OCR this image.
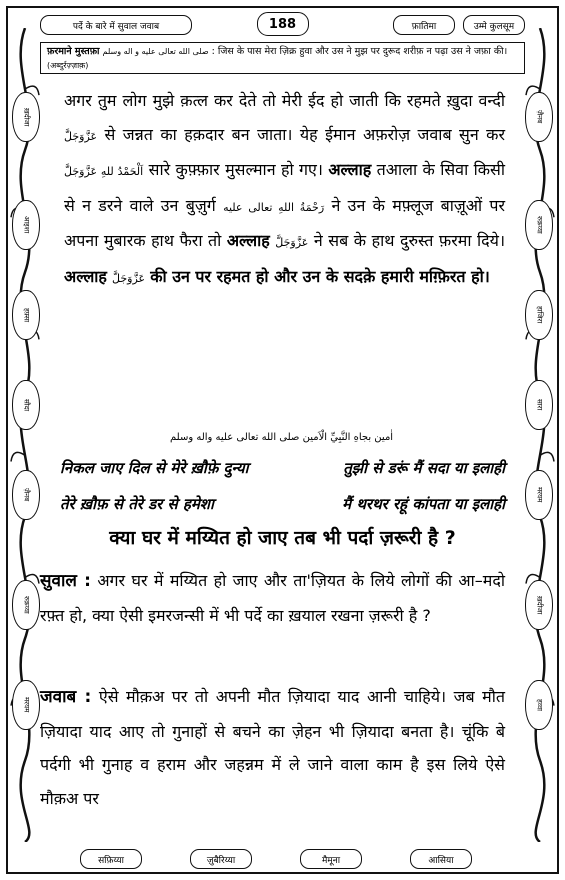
ख़दीजा
आइशा
हफ़्सा
सौदा
ज़ैनब
रुक़य्या
मरयम
ज़ैनब
रुक़य्या
हाजिरा
सारा
मरयम
ख़दीजा
हव्वा
पर्दे के बारे में सुवाल जवाब	188	फ़ातिमा	उम्मे कुलसूम
फ़रमाने मुस्तफ़ा صلى الله تعالى عليه و اله وسلم : जिस के पास मेरा ज़िक्र हुवा और उस ने मुझ पर दुरूद शरीफ़ न पढ़ा उस ने जफ़ा की। (अब्दुर्रज़्ज़ाक़)
अगर तुम लोग मुझे क़त्ल कर देते तो मेरी ईद हो जाती कि रहमते ख़ुदा वन्दी عَزَّوَجَلَّ से जन्नत का हक़दार बन जाता। येह ईमान अफ़रोज़ जवाब सुन कर اَلْحَمْدُ للهِ عَزَّوَجَلَّ सारे कुफ़्फ़ार मुसल्मान हो गए। अल्लाह तआला के सिवा किसी से न डरने वाले उन बुज़ुर्ग رَحْمَةُ اللهِ تعالى عليه ने उन के मफ़्लूज बाज़ूओं पर अपना मुबारक हाथ फैरा तो अल्लाह عَزَّوَجَلَّ ने सब के हाथ दुरुस्त फ़रमा दिये। अल्लाह عَزَّوَجَلَّ की उन पर रहमत हो और उन के सदक़े हमारी मग़्फ़िरत हो।
اٰمين بجاهِ النَّبِيِّ الْاَمين صلى الله تعالى عليه واله وسلم
निकल जाए दिल से मेरे ख़ौफ़े दुन्या	तुझी से डरूं मैं सदा या इलाही
तेरे ख़ौफ़ से तेरे डर से हमेशा	मैं थरथर रहूं कांपता या इलाही
क्या घर में मय्यित हो जाए तब भी पर्दा ज़रूरी है ?
सुवाल : अगर घर में मय्यित हो जाए और ता'ज़ियत के लिये लोगों की आ–मदो रफ़्त हो, क्या ऐसी इमरजन्सी में भी पर्दे का ख़याल रखना ज़रूरी है ?
जवाब : ऐसे मौक़अ पर तो अपनी मौत ज़ियादा याद आनी चाहिये। जब मौत ज़ियादा याद आए तो गुनाहों से बचने का ज़ेहन भी ज़ियादा बनता है। चूंकि बे पर्दगी भी गुनाह व हराम और जहन्नम में ले जाने वाला काम है इस लिये ऐसे मौक़अ पर
सफ़िय्या	ज़ुबैरिय्या	मैमूना	आसिया
